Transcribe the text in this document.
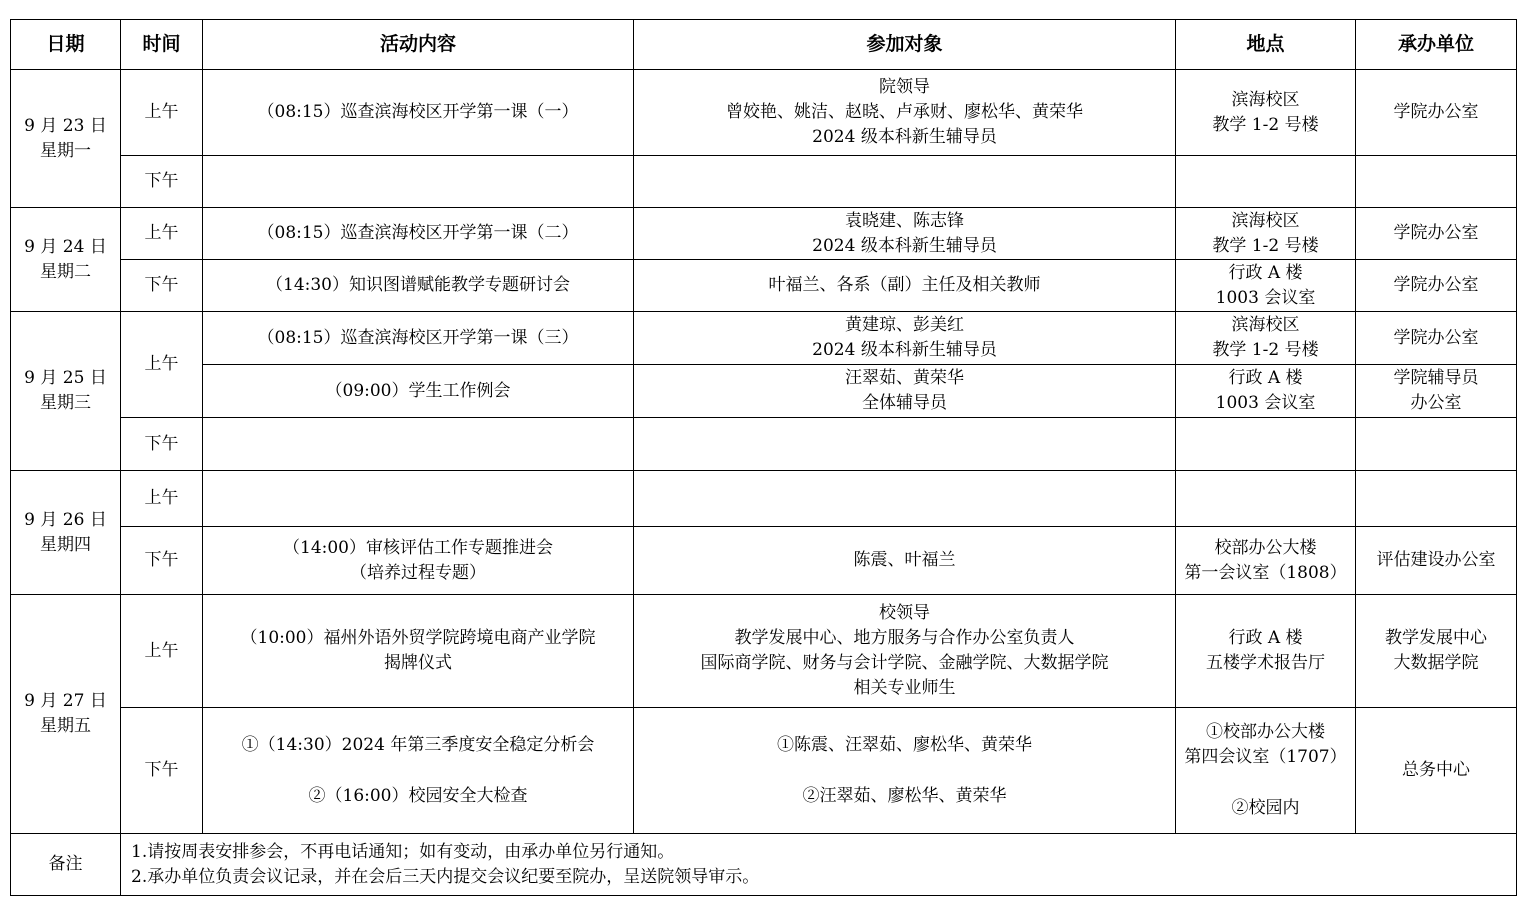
日期	时间	活动内容	参加对象	地点	承办单位

9 月 23 日
星期一	上午	（08:15）巡查滨海校区开学第一课（一）	院领导
曾姣艳、姚洁、赵晓、卢承财、廖松华、黄荣华
2024 级本科新生辅导员	滨海校区
教学 1-2 号楼	学院办公室

	下午				

9 月 24 日
星期二	上午	（08:15）巡查滨海校区开学第一课（二）	袁晓建、陈志锋
2024 级本科新生辅导员	滨海校区
教学 1-2 号楼	学院办公室

	下午	（14:30）知识图谱赋能教学专题研讨会	叶福兰、各系（副）主任及相关教师	行政 A 楼
1003 会议室	学院办公室

9 月 25 日
星期三	上午	（08:15）巡查滨海校区开学第一课（三）	黄建琼、彭美红
2024 级本科新生辅导员	滨海校区
教学 1-2 号楼	学院办公室

		（09:00）学生工作例会	汪翠茹、黄荣华
全体辅导员	行政 A 楼
1003 会议室	学院辅导员
办公室

	下午				

9 月 26 日
星期四	上午				
	下午	（14:00）审核评估工作专题推进会
（培养过程专题）	陈震、叶福兰	校部办公大楼
第一会议室（1808）	评估建设办公室

9 月 27 日
星期五	上午	（10:00）福州外语外贸学院跨境电商产业学院
揭牌仪式	校领导
教学发展中心、地方服务与合作办公室负责人
国际商学院、财务与会计学院、金融学院、大数据学院
相关专业师生	行政 A 楼
五楼学术报告厅	教学发展中心
大数据学院

	下午	①（14:30）2024 年第三季度安全稳定分析会
②（16:00）校园安全大检查	①陈震、汪翠茹、廖松华、黄荣华
②汪翠茹、廖松华、黄荣华	①校部办公大楼
第四会议室（1707）
②校园内	总务中心

备注	1.请按周表安排参会，不再电话通知；如有变动，由承办单位另行通知。
2.承办单位负责会议记录，并在会后三天内提交会议纪要至院办，呈送院领导审示。				
